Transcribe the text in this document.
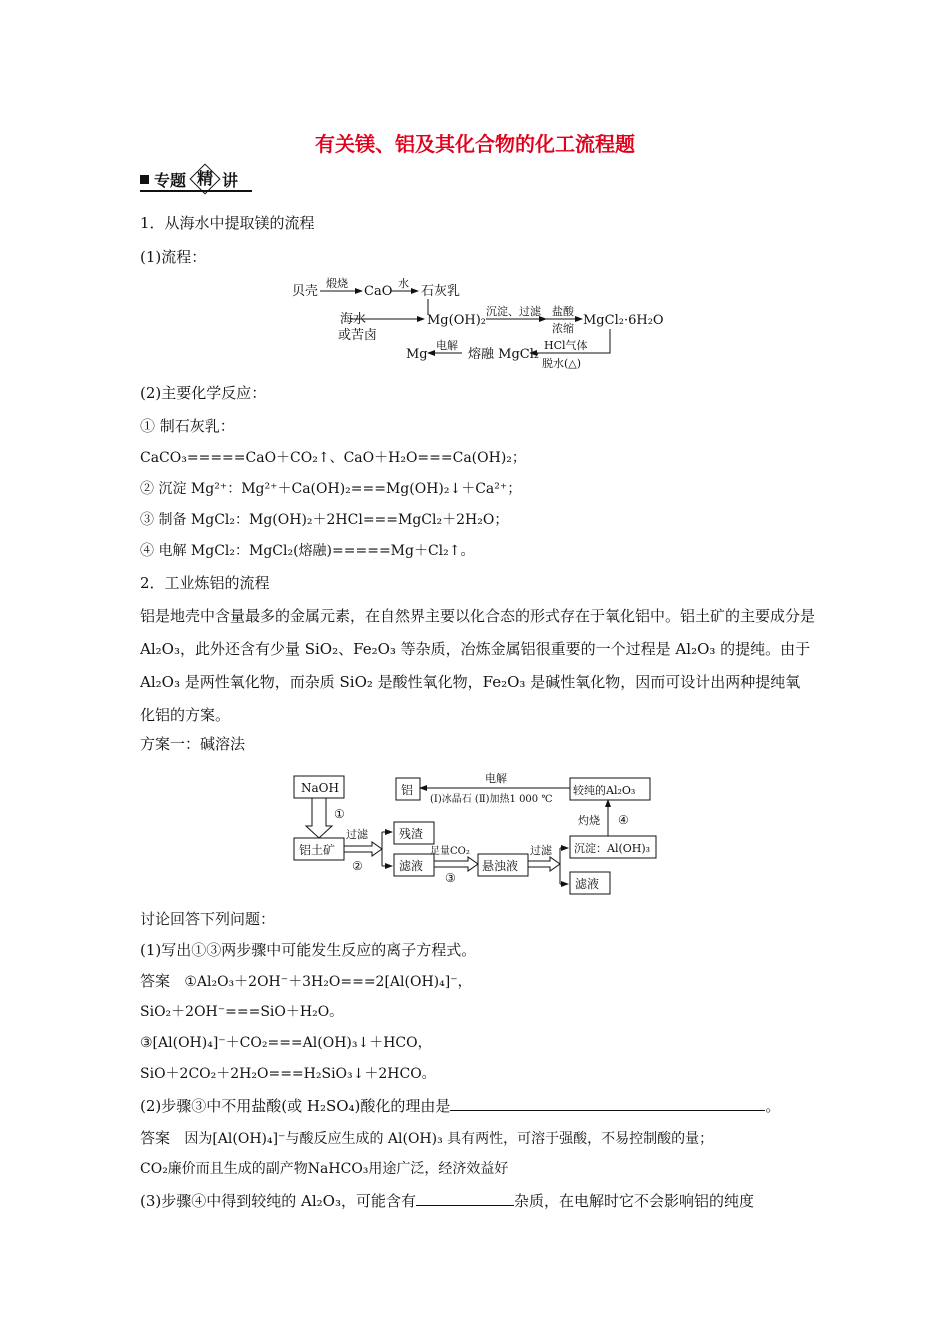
有关镁、铝及其化合物的化工流程题
专题 精 讲
1．从海水中提取镁的流程
(1)流程：
贝壳
煅烧
CaO
水
石灰乳
海水
或苦卤
Mg(OH)₂
沉淀、过滤 盐酸
浓缩
MgCl₂·6H₂O
HCl气体
脱水(△)
熔融 MgCl₂
电解
Mg
(2)主要化学反应：
① 制石灰乳：
CaCO₃=====CaO＋CO₂↑、CaO＋H₂O===Ca(OH)₂；
② 沉淀 Mg²⁺：Mg²⁺＋Ca(OH)₂===Mg(OH)₂↓＋Ca²⁺；
③ 制备 MgCl₂：Mg(OH)₂＋2HCl===MgCl₂＋2H₂O；
④ 电解 MgCl₂：MgCl₂(熔融)=====Mg＋Cl₂↑。
2．工业炼铝的流程
铝是地壳中含量最多的金属元素，在自然界主要以化合态的形式存在于氧化铝中。铝土矿的主要成分是 Al₂O₃，此外还含有少量 SiO₂、Fe₂O₃ 等杂质，冶炼金属铝很重要的一个过程是 Al₂O₃ 的提纯。由于 Al₂O₃ 是两性氧化物，而杂质 SiO₂ 是酸性氧化物，Fe₂O₃ 是碱性氧化物，因而可设计出两种提纯氧化铝的方案。
方案一：碱溶法
NaOH
①
铝土矿
过滤
②
残渣
滤液
足量CO₂
③
悬浊液
过滤 沉淀：Al(OH)₃
滤液
灼烧 ④
较纯的Al₂O₃
电解
(Ⅰ)冰晶石 (Ⅱ)加热1 000 ℃
铝
讨论回答下列问题：
(1)写出①③两步骤中可能发生反应的离子方程式。
答案 ①Al₂O₃＋2OH⁻＋3H₂O===2[Al(OH)₄]⁻，
SiO₂＋2OH⁻===SiO＋H₂O。
③[Al(OH)₄]⁻＋CO₂===Al(OH)₃↓＋HCO，
SiO＋2CO₂＋2H₂O===H₂SiO₃↓＋2HCO。
(2)步骤③中不用盐酸(或 H₂SO₄)酸化的理由是	。
答案 因为[Al(OH)₄]⁻与酸反应生成的 Al(OH)₃ 具有两性，可溶于强酸，不易控制酸的量；
CO₂廉价而且生成的副产物NaHCO₃用途广泛，经济效益好
(3)步骤④中得到较纯的 Al₂O₃，可能含有	杂质，在电解时它不会影响铝的纯度
